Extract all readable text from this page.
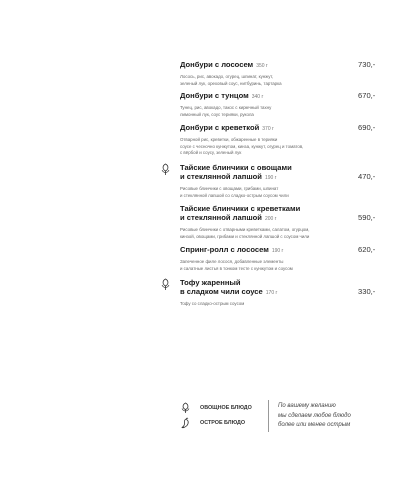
Донбури с лососем 350 г	730,-
Лосось, рис, авокадо, огурец, шпинат, кунжут,
зеленый лук, ореховый соус, нитбуринь, тартарка
Донбури с тунцом 340 г	670,-
Тунец, рис, авокадо, такос с кирмчный тахну
лимонный лук, соус терияки, рукола
Донбури с креветкой 370 г	690,-
Отварной рис, креветки, обжаренные в терияки
соусе с чесночно кунжутом, кинза, кунжут, огурец и томатов,
с вёрбой и соусу, зеленый лук
Тайские блинчики с овощами
и стеклянной лапшой 190 г	470,-
Рисовые блинчики с овощами, грибами, шпинат
и стеклянной лапшой со сладко-острым соусом чили
Тайские блинчики с креветками
и стеклянной лапшой 200 г	590,-
Рисовые блинчики с отварными креветками, салатом, огурцом,
кинзой, овощами, грибами и стеклянной лапшой с соусом чили
Спринг-ролл с лососем 190 г	620,-
Запеченное филе лосося, добавленные элементы
и салатные листья в тонком тесте с кунжутом и соусом
Тофу жаренный
в сладком чили соусе 170 г	330,-
Тофу со сладко-острым соусом
ОВОЩНОЕ БЛЮДО
ОСТРОЕ БЛЮДО
По вашему желанию
мы сделаем любое блюдо
более или менее острым
